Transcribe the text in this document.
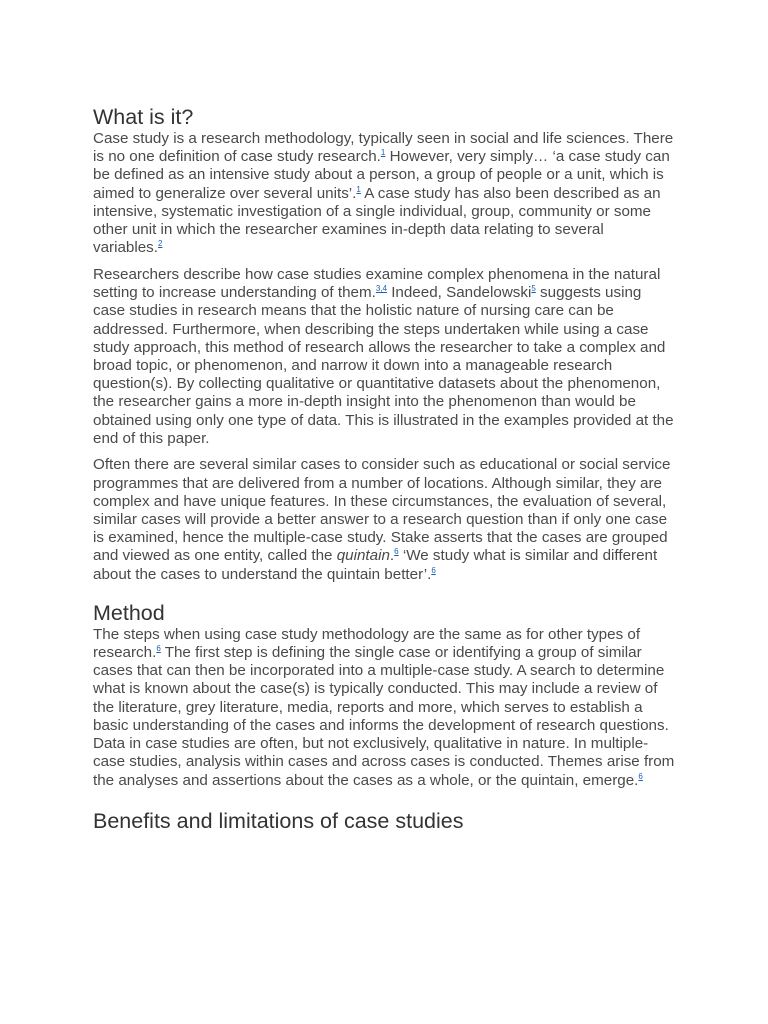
What is it?

Case study is a research methodology, typically seen in social and life sciences. There is no one definition of case study research.$^1$ However, very simply… ‘a case study can be defined as an intensive study about a person, a group of people or a unit, which is aimed to generalize over several units’.$^1$ A case study has also been described as an intensive, systematic investigation of a single individual, group, community or some other unit in which the researcher examines in-depth data relating to several variables.$^2$

Researchers describe how case studies examine complex phenomena in the natural setting to increase understanding of them.$^{3,4}$ Indeed, Sandelowski$^5$ suggests using case studies in research means that the holistic nature of nursing care can be addressed. Furthermore, when describing the steps undertaken while using a case study approach, this method of research allows the researcher to take a complex and broad topic, or phenomenon, and narrow it down into a manageable research question(s). By collecting qualitative or quantitative datasets about the phenomenon, the researcher gains a more in-depth insight into the phenomenon than would be obtained using only one type of data. This is illustrated in the examples provided at the end of this paper.

Often there are several similar cases to consider such as educational or social service programmes that are delivered from a number of locations. Although similar, they are complex and have unique features. In these circumstances, the evaluation of several, similar cases will provide a better answer to a research question than if only one case is examined, hence the multiple-case study. Stake asserts that the cases are grouped and viewed as one entity, called the quintain.$^6$ ‘We study what is similar and different about the cases to understand the quintain better’.$^6$

Method

The steps when using case study methodology are the same as for other types of research.$^6$ The first step is defining the single case or identifying a group of similar cases that can then be incorporated into a multiple-case study. A search to determine what is known about the case(s) is typically conducted. This may include a review of the literature, grey literature, media, reports and more, which serves to establish a basic understanding of the cases and informs the development of research questions. Data in case studies are often, but not exclusively, qualitative in nature. In multiple-case studies, analysis within cases and across cases is conducted. Themes arise from the analyses and assertions about the cases as a whole, or the quintain, emerge.$^6$

Benefits and limitations of case studies
